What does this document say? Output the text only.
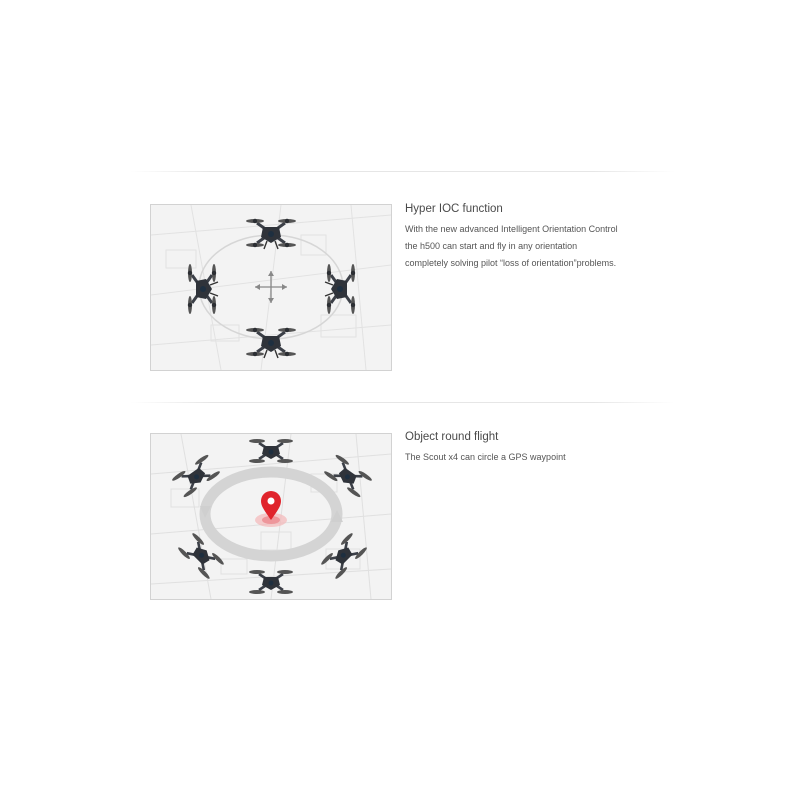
Hyper IOC function

With the new advanced Intelligent Orientation Control

the h500 can start and fly in any orientation

completely solving pilot “loss of orientation”problems.

Object round flight

The Scout x4 can circle a GPS waypoint
